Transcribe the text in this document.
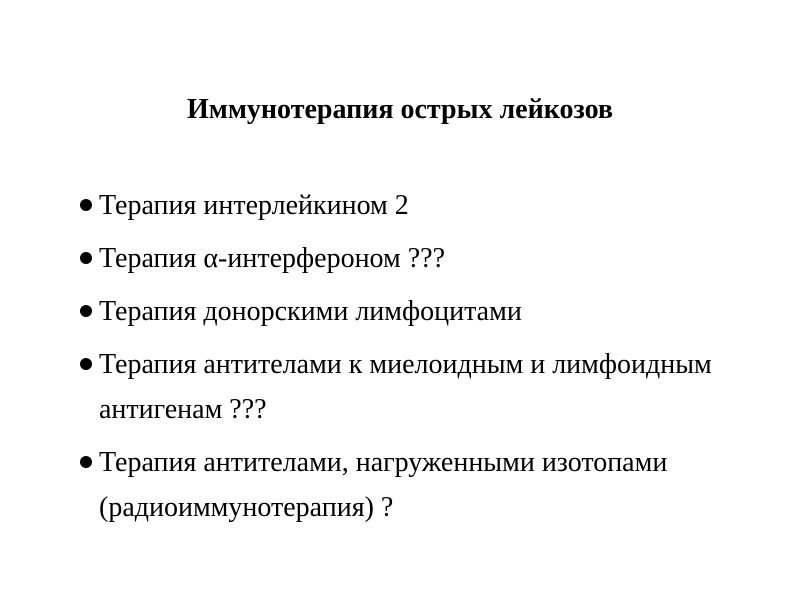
Иммунотерапия острых лейкозов
Терапия интерлейкином 2
Терапия α-интерфероном ???
Терапия донорскими лимфоцитами
Терапия антителами к миелоидным и лимфоидным антигенам ???
Терапия антителами, нагруженными изотопами (радиоиммунотерапия) ?
